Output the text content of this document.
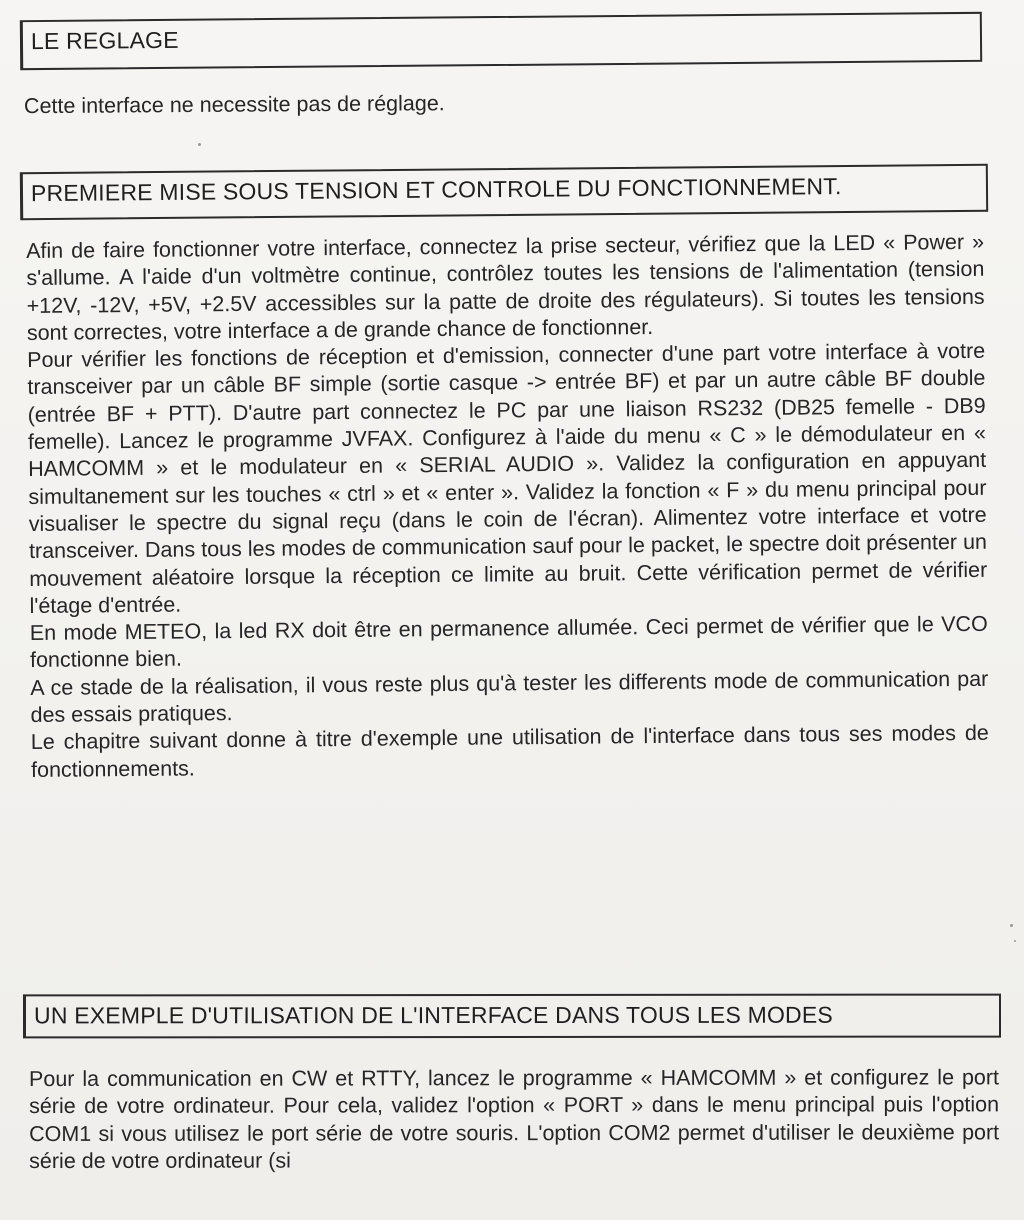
LE REGLAGE

Cette interface ne necessite pas de réglage.

PREMIERE MISE SOUS TENSION ET CONTROLE DU FONCTIONNEMENT.

Afin de faire fonctionner votre interface, connectez la prise secteur, vérifiez que la LED « Power » s'allume. A l'aide d'un voltmètre continue, contrôlez toutes les tensions de l'alimentation (tension +12V, -12V, +5V, +2.5V accessibles sur la patte de droite des régulateurs). Si toutes les tensions sont correctes, votre interface a de grande chance de fonctionner.

Pour vérifier les fonctions de réception et d'emission, connecter d'une part votre interface à votre transceiver par un câble BF simple (sortie casque -> entrée BF) et par un autre câble BF double (entrée BF + PTT). D'autre part connectez le PC par une liaison RS232 (DB25 femelle - DB9 femelle). Lancez le programme JVFAX. Configurez à l'aide du menu « C » le démodulateur en « HAMCOMM » et le modulateur en « SERIAL AUDIO ». Validez la configuration en appuyant simultanement sur les touches « ctrl » et « enter ». Validez la fonction « F » du menu principal pour visualiser le spectre du signal reçu (dans le coin de l'écran). Alimentez votre interface et votre transceiver. Dans tous les modes de communication sauf pour le packet, le spectre doit présenter un mouvement aléatoire lorsque la réception ce limite au bruit. Cette vérification permet de vérifier l'étage d'entrée.

En mode METEO, la led RX doit être en permanence allumée. Ceci permet de vérifier que le VCO fonctionne bien.

A ce stade de la réalisation, il vous reste plus qu'à tester les differents mode de communication par des essais pratiques.

Le chapitre suivant donne à titre d'exemple une utilisation de l'interface dans tous ses modes de fonctionnements.

UN EXEMPLE D'UTILISATION DE L'INTERFACE DANS TOUS LES MODES

Pour la communication en CW et RTTY, lancez le programme « HAMCOMM » et configurez le port série de votre ordinateur. Pour cela, validez l'option « PORT » dans le menu principal puis l'option COM1 si vous utilisez le port série de votre souris. L'option COM2 permet d'utiliser le deuxième port série de votre ordinateur (si
